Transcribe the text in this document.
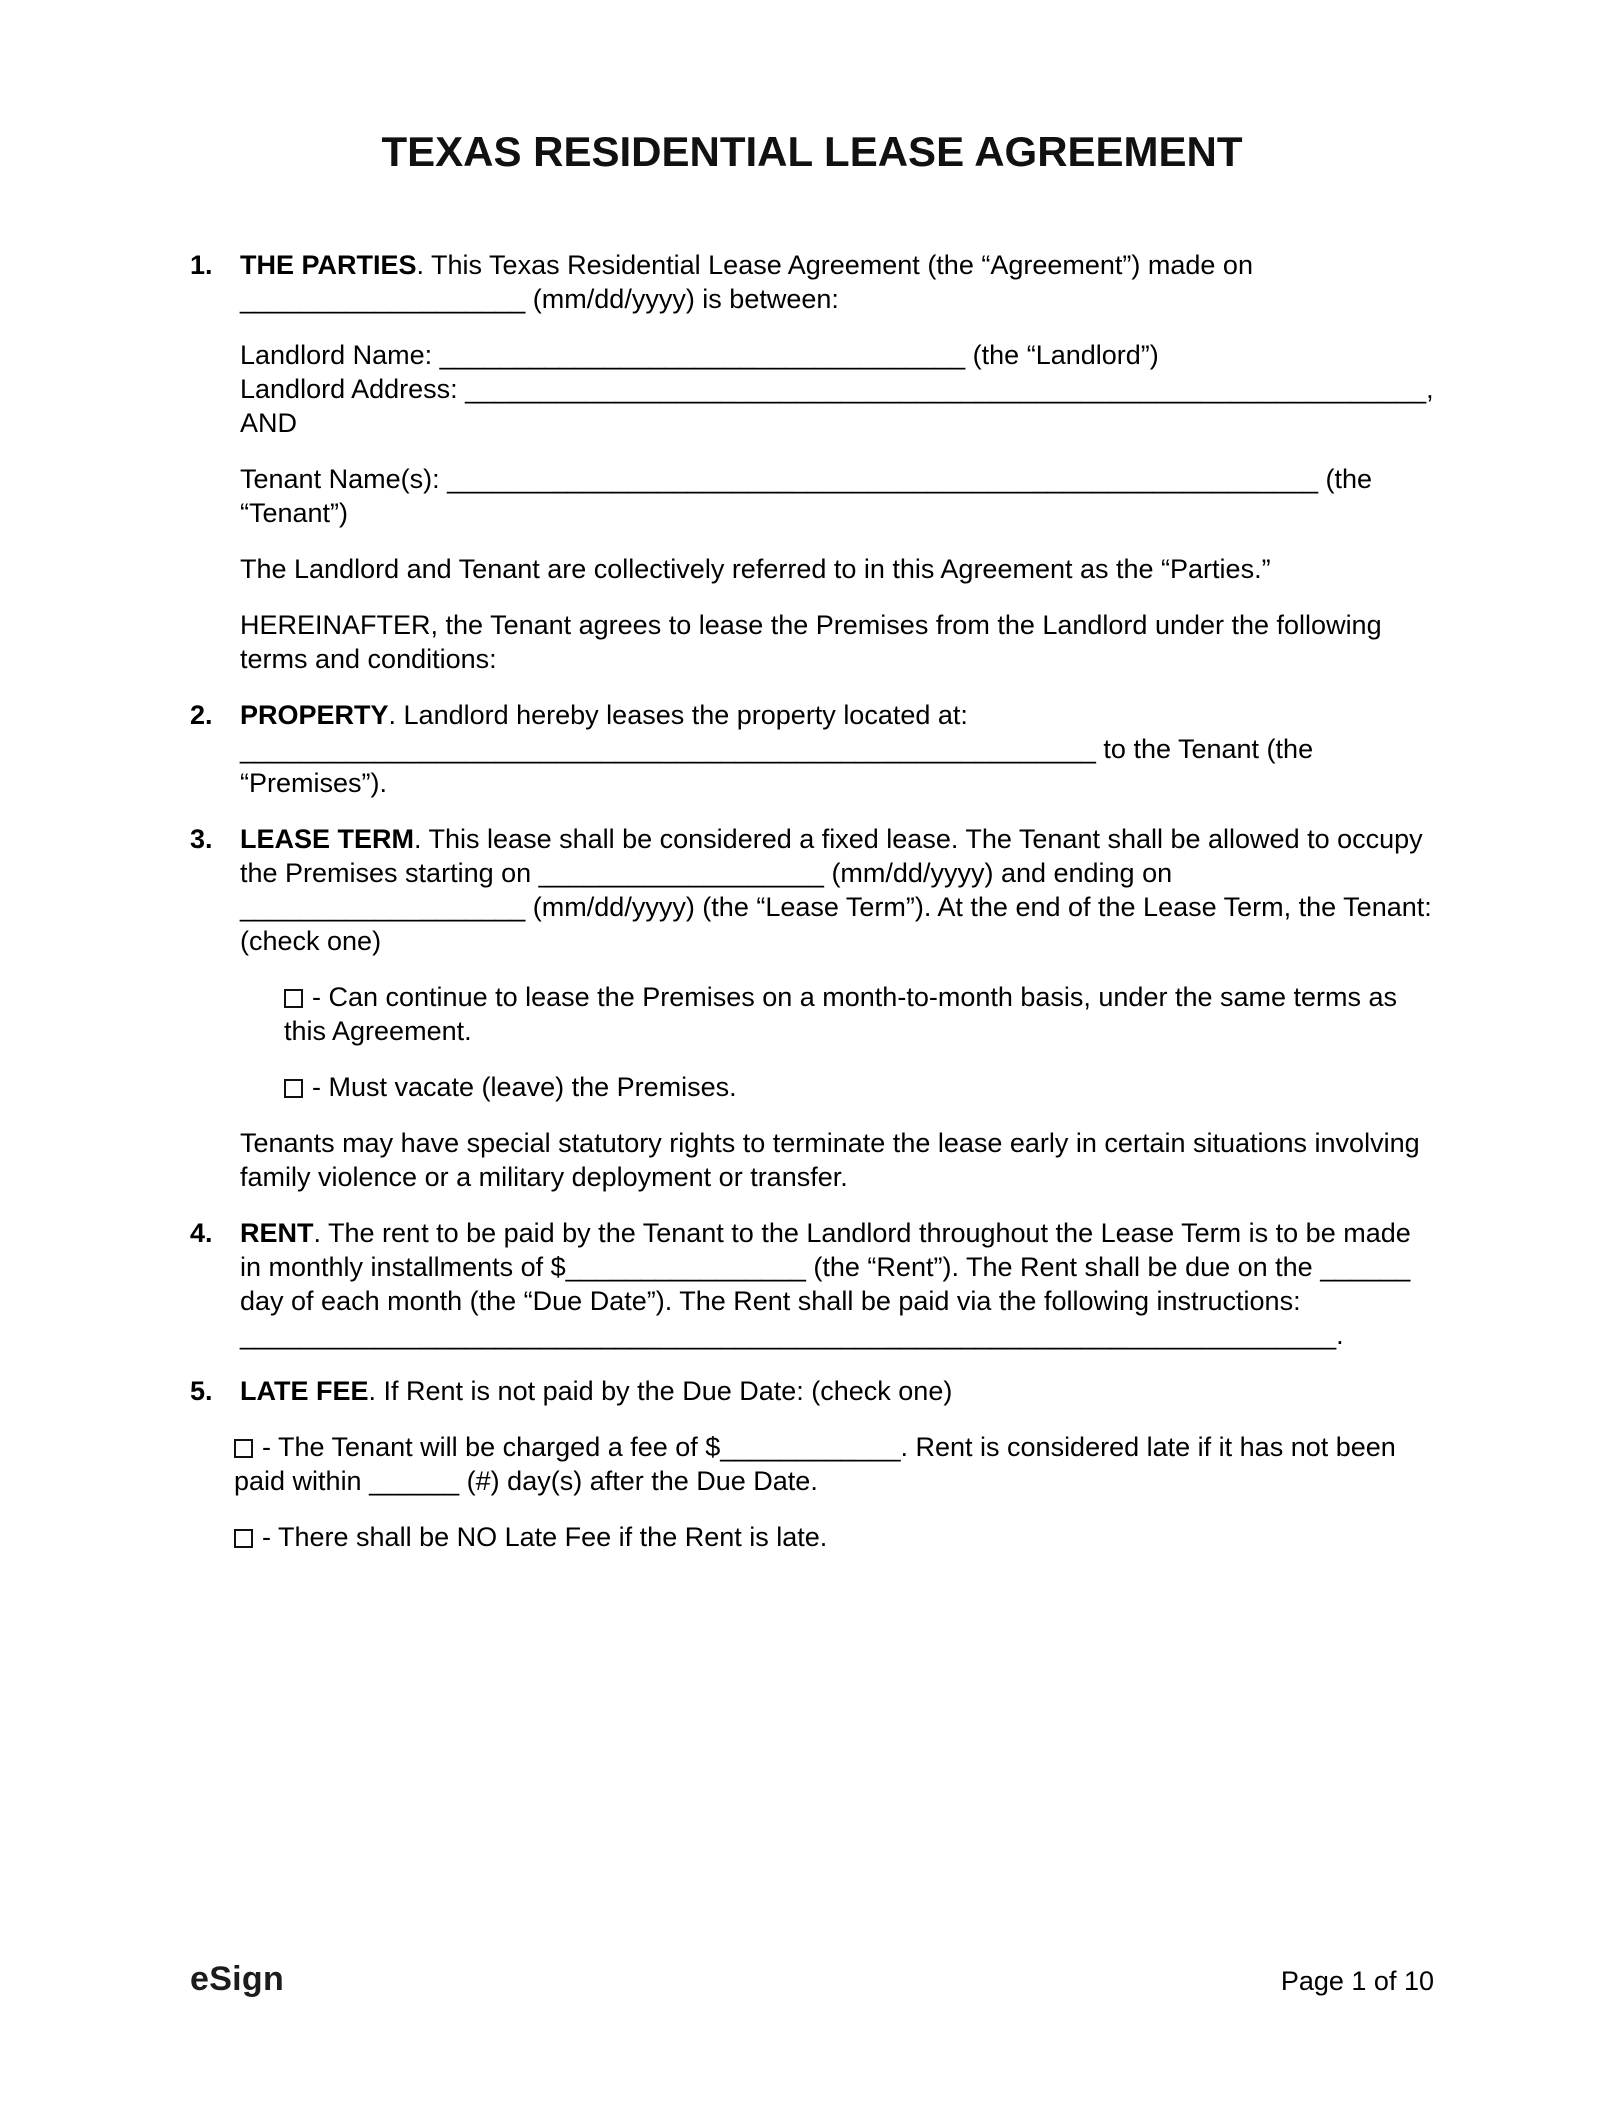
TEXAS RESIDENTIAL LEASE AGREEMENT

1. THE PARTIES. This Texas Residential Lease Agreement (the “Agreement”) made on ___________________ (mm/dd/yyyy) is between:

Landlord Name: ___________________________________ (the “Landlord”)

Landlord Address: ________________________________________________________________, AND

Tenant Name(s): __________________________________________________________ (the “Tenant”)

The Landlord and Tenant are collectively referred to in this Agreement as the “Parties.”

HEREINAFTER, the Tenant agrees to lease the Premises from the Landlord under the following terms and conditions:

2. PROPERTY. Landlord hereby leases the property located at: _________________________________________________________ to the Tenant (the “Premises”).

3. LEASE TERM. This lease shall be considered a fixed lease. The Tenant shall be allowed to occupy the Premises starting on ___________________ (mm/dd/yyyy) and ending on ___________________ (mm/dd/yyyy) (the “Lease Term”). At the end of the Lease Term, the Tenant: (check one)

- Can continue to lease the Premises on a month-to-month basis, under the same terms as this Agreement.

- Must vacate (leave) the Premises.

Tenants may have special statutory rights to terminate the lease early in certain situations involving family violence or a military deployment or transfer.

4. RENT. The rent to be paid by the Tenant to the Landlord throughout the Lease Term is to be made in monthly installments of $________________ (the “Rent”). The Rent shall be due on the ______ day of each month (the “Due Date”). The Rent shall be paid via the following instructions: _________________________________________________________________________.

5. LATE FEE. If Rent is not paid by the Due Date: (check one)

- The Tenant will be charged a fee of $____________. Rent is considered late if it has not been paid within ______ (#) day(s) after the Due Date.

- There shall be NO Late Fee if the Rent is late.

eSign	Page 1 of 10
